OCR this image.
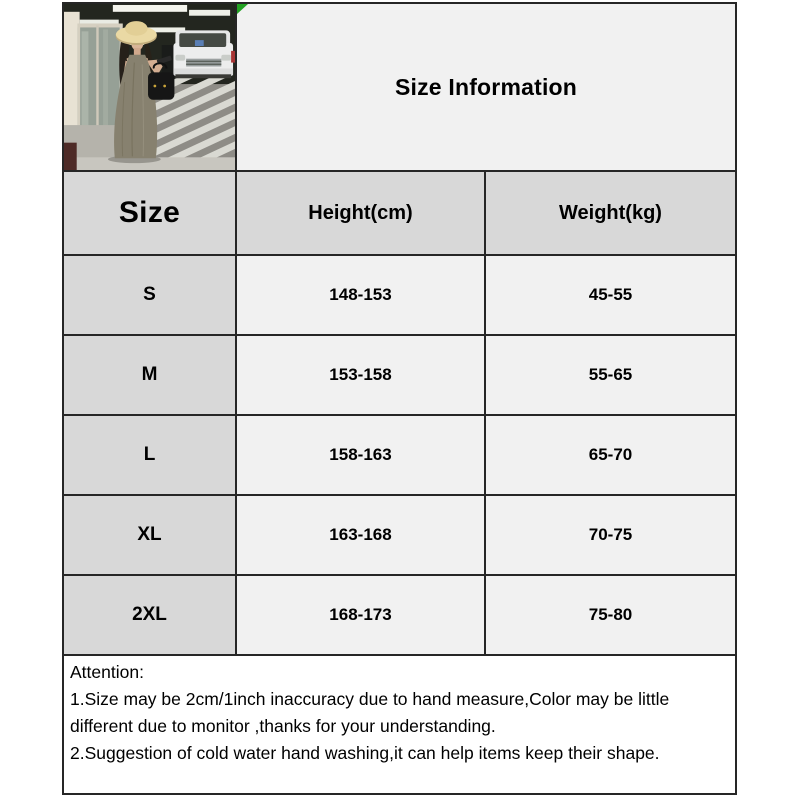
Size Information
Size	Height(cm)	Weight(kg)
S	148-153	45-55
M	153-158	55-65
L	158-163	65-70
XL	163-168	70-75
2XL	168-173	75-80
Attention:
1.Size may be 2cm/1inch inaccuracy due to hand measure,Color may be little
different due to monitor ,thanks for your understanding.
2.Suggestion of cold water hand washing,it can help items keep their shape.
